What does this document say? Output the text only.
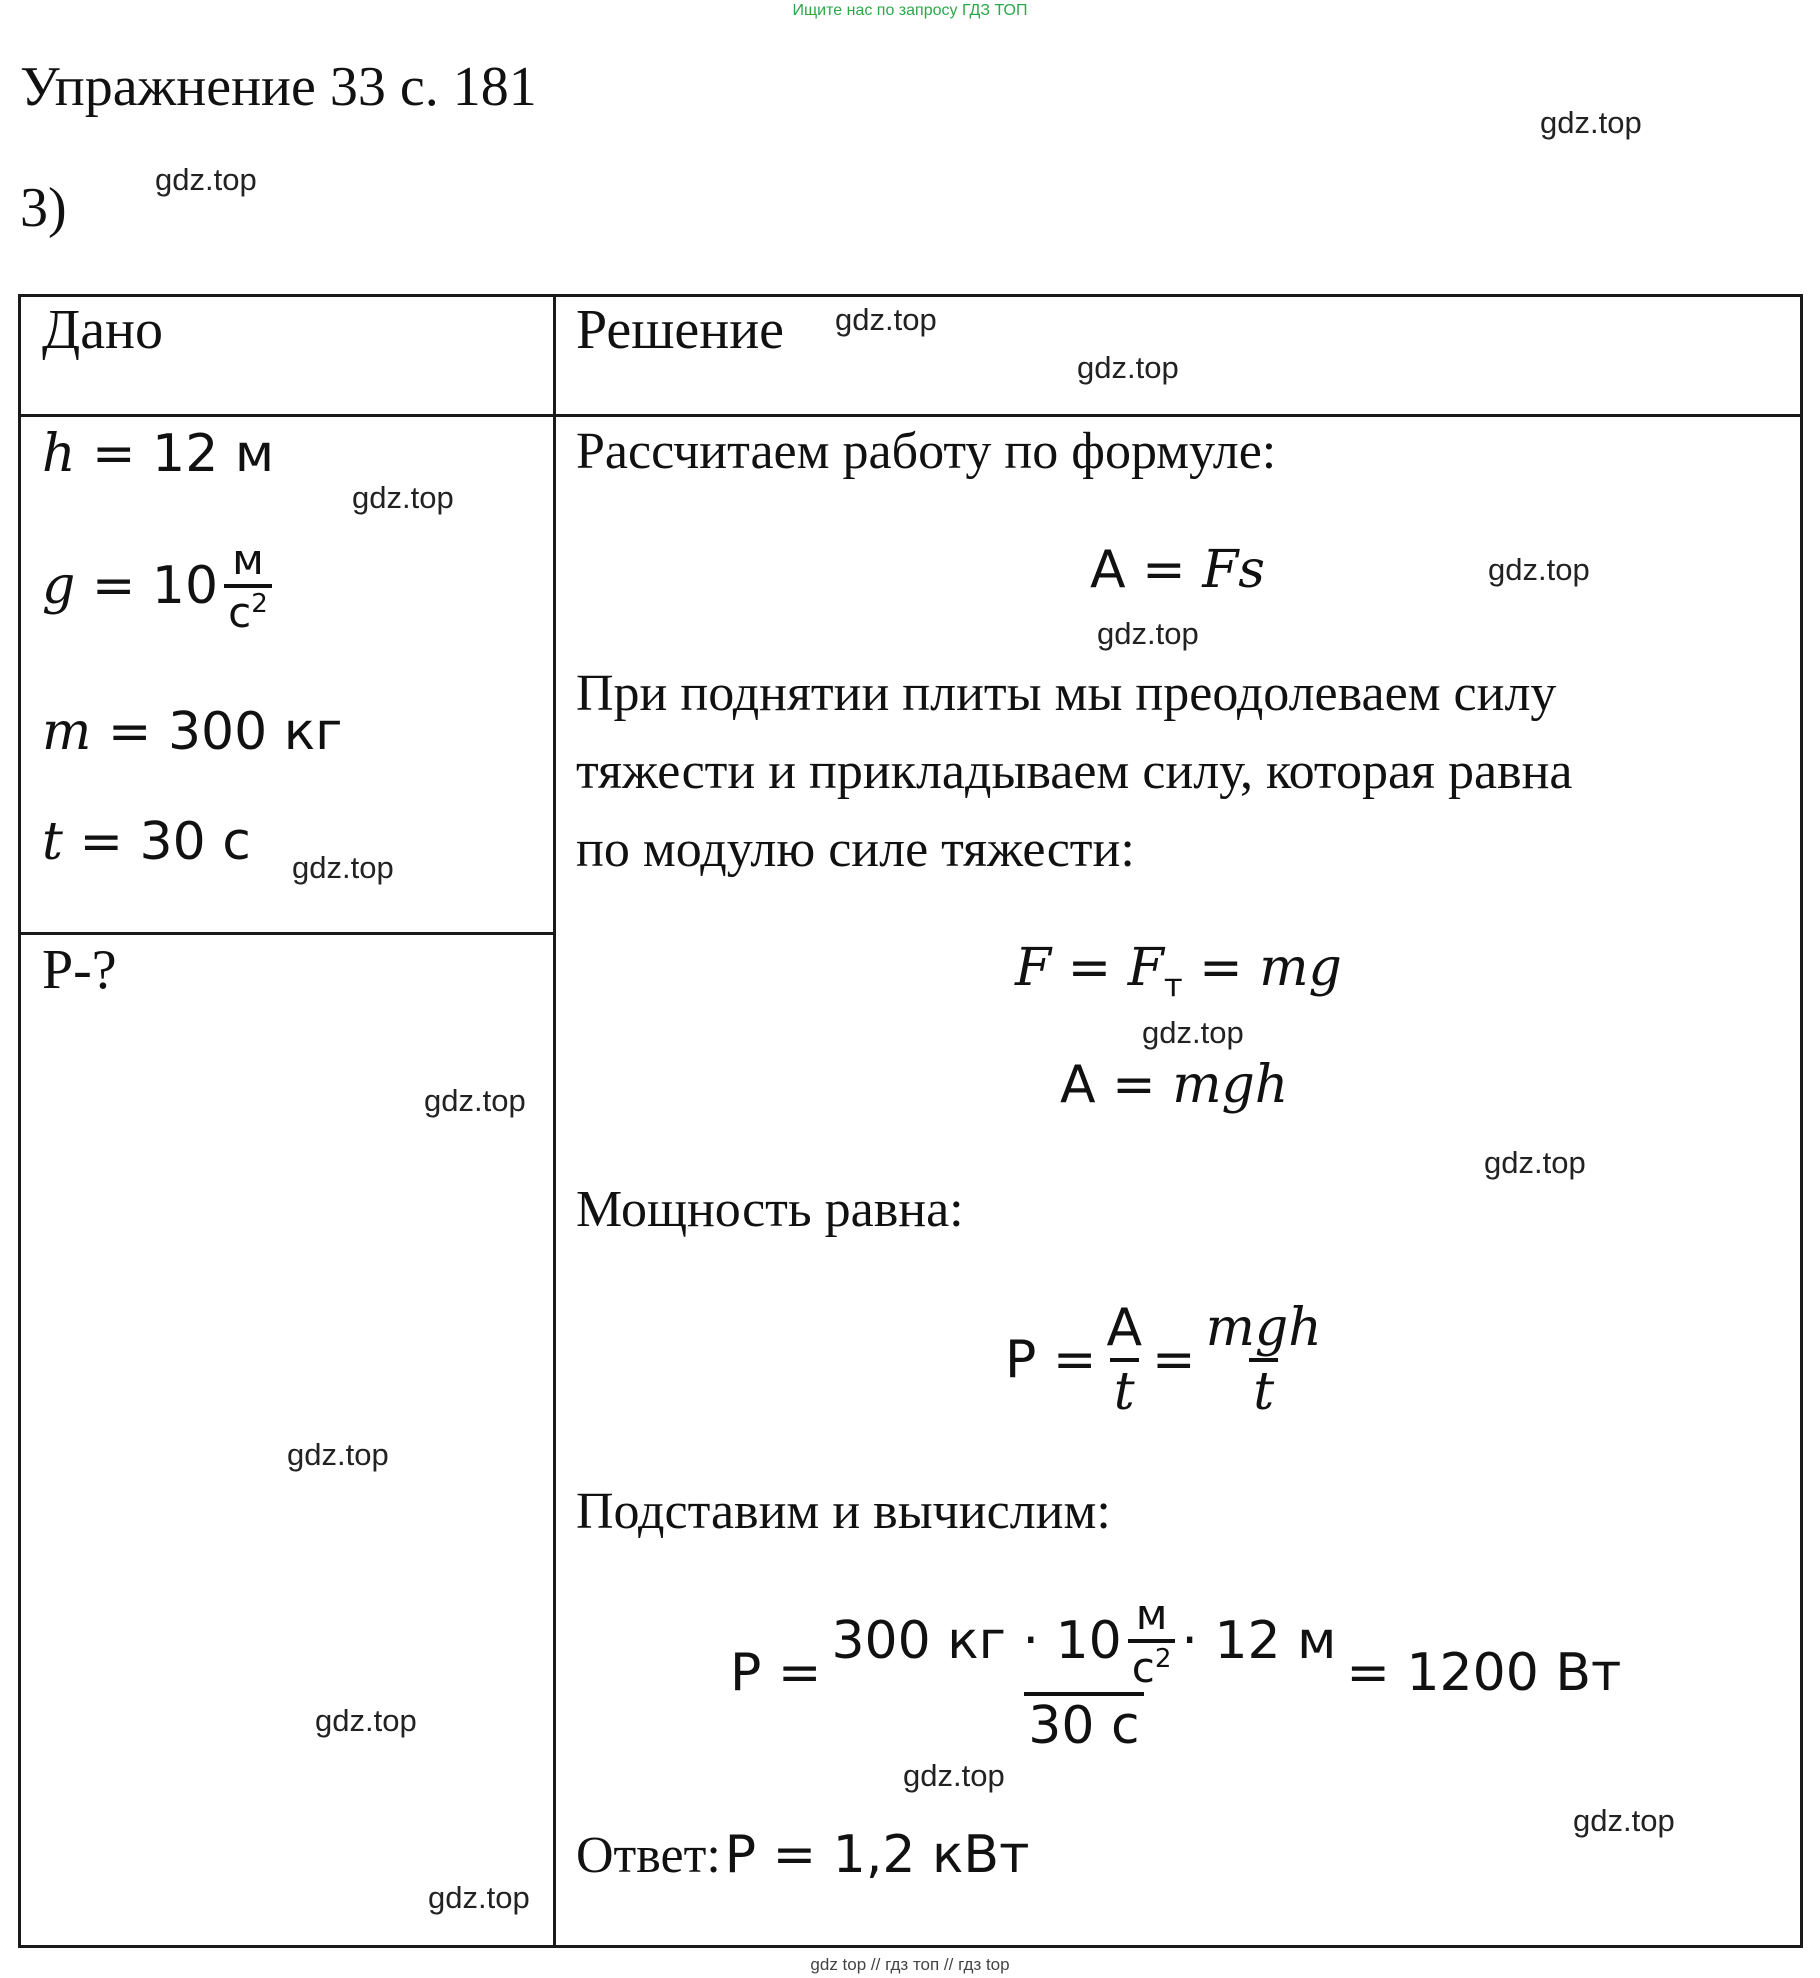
Ищите нас по запросу ГДЗ ТОП
Упражнение 33 с. 181
3)
Дано	Решение
h = 12 м
g
= $10 \frac{м}{с^2}$
m = 300 кг
t = 30 с
P-?
Рассчитаем работу по формуле:
A = Fs
При поднятии плиты мы преодолеваем силу
тяжести и прикладываем силу, которая равна
по модулю силе тяжести:
$F = F_т$ = mg
A = mgh
Мощность равна:
$P = \frac{A}{t} = \frac{\text{mgh}}{t}$
Подставим и вычислим:
$P = \frac{300 кг \cdot 10 \frac{м}{с^2} \cdot 12 м}{30 с} = 1200$ Вт
Ответ: P = 1,2 кВт
gdz.top
gdz.top
gdz.top
gdz.top
gdz.top
gdz.top
gdz.top
gdz.top
gdz.top
gdz.top
gdz.top
gdz.top
gdz.top
gdz.top
gdz.top
gdz.top
gdz top // гдз топ // гдз top
